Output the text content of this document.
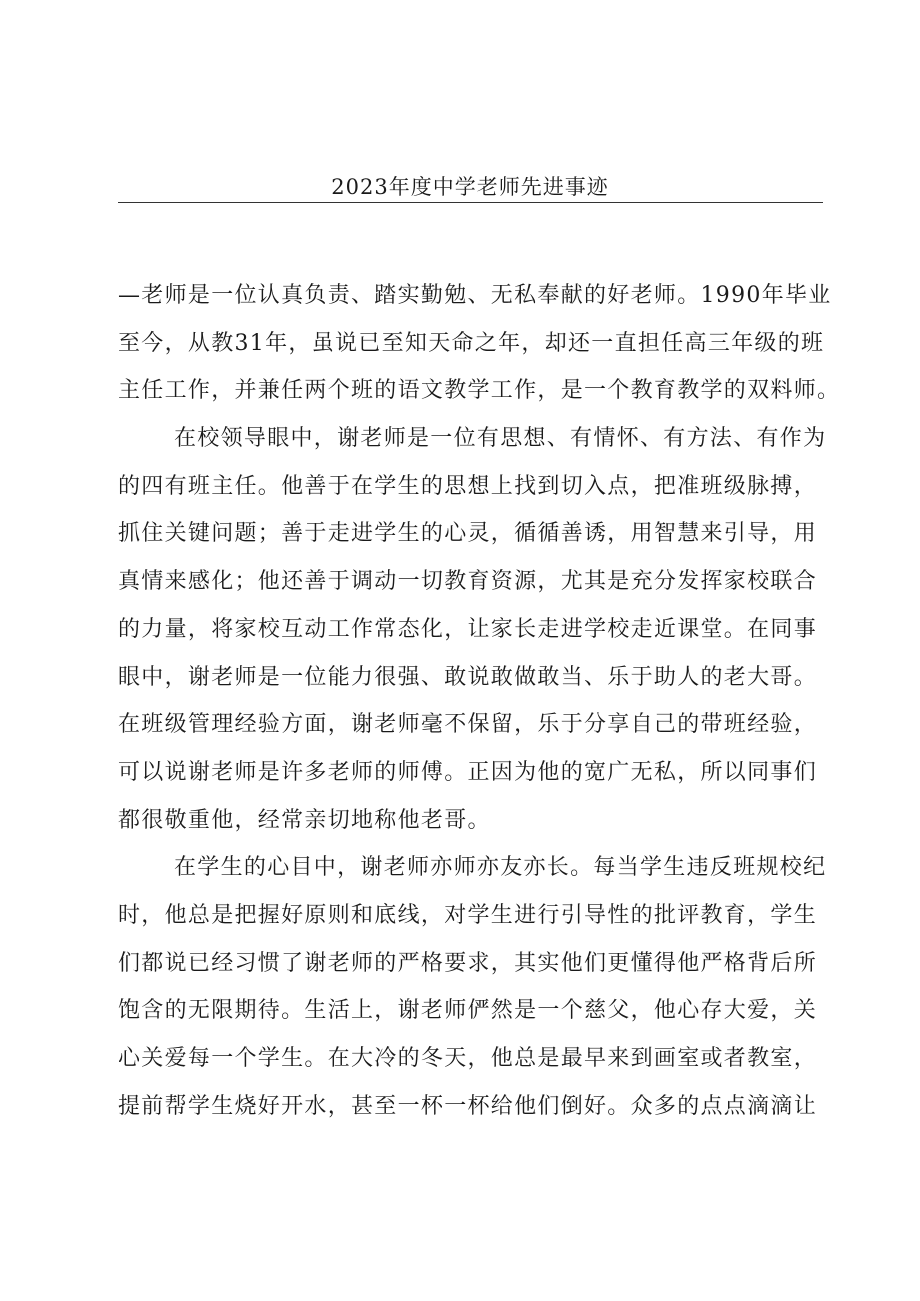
2023年度中学老师先进事迹
—老师是一位认真负责、踏实勤勉、无私奉献的好老师。1990年毕业
至今，从教31年，虽说已至知天命之年，却还一直担任高三年级的班
主任工作，并兼任两个班的语文教学工作，是一个教育教学的双料师。
在校领导眼中，谢老师是一位有思想、有情怀、有方法、有作为
的四有班主任。他善于在学生的思想上找到切入点，把准班级脉搏，
抓住关键问题；善于走进学生的心灵，循循善诱，用智慧来引导，用
真情来感化；他还善于调动一切教育资源，尤其是充分发挥家校联合
的力量，将家校互动工作常态化，让家长走进学校走近课堂。在同事
眼中，谢老师是一位能力很强、敢说敢做敢当、乐于助人的老大哥。
在班级管理经验方面，谢老师毫不保留，乐于分享自己的带班经验，
可以说谢老师是许多老师的师傅。正因为他的宽广无私，所以同事们
都很敬重他，经常亲切地称他老哥。
在学生的心目中，谢老师亦师亦友亦长。每当学生违反班规校纪
时，他总是把握好原则和底线，对学生进行引导性的批评教育，学生
们都说已经习惯了谢老师的严格要求，其实他们更懂得他严格背后所
饱含的无限期待。生活上，谢老师俨然是一个慈父，他心存大爱，关
心关爱每一个学生。在大冷的冬天，他总是最早来到画室或者教室，
提前帮学生烧好开水，甚至一杯一杯给他们倒好。众多的点点滴滴让
